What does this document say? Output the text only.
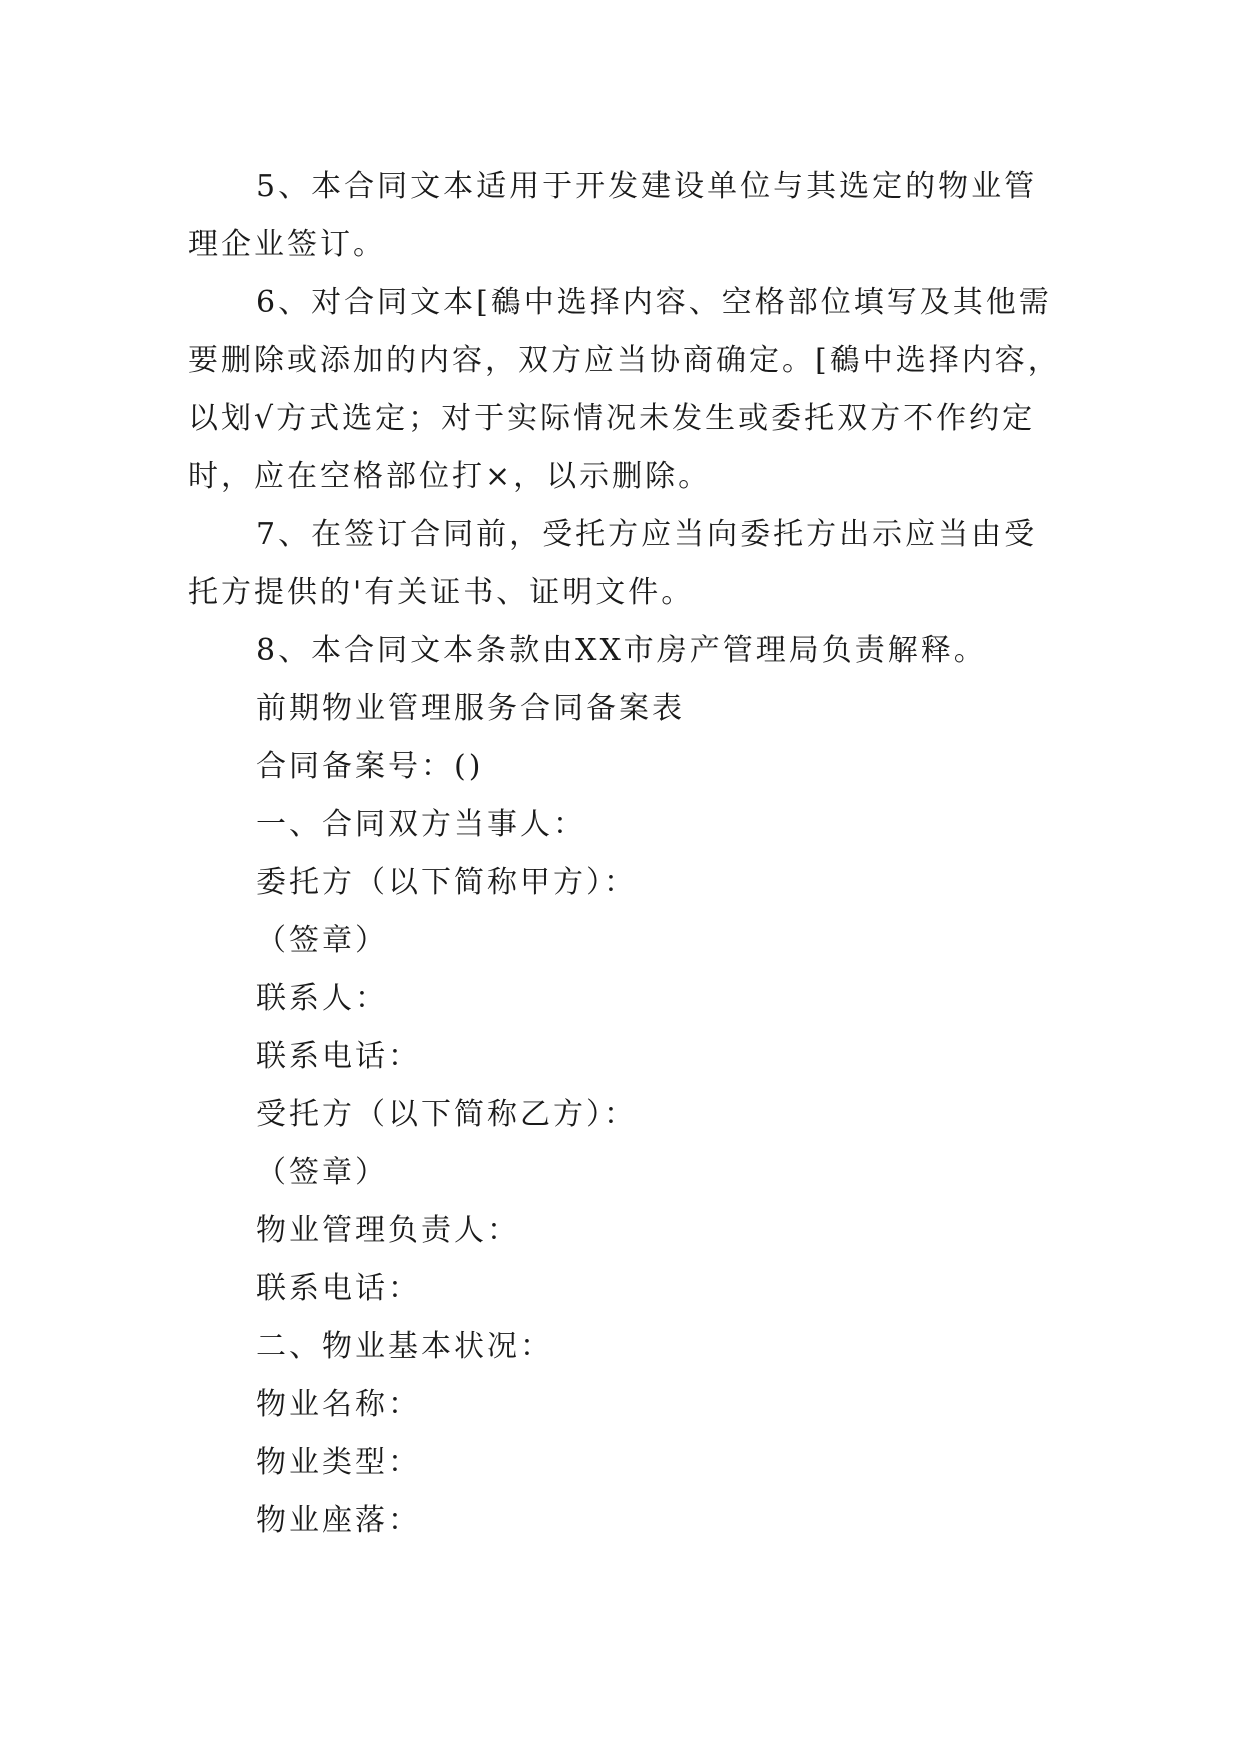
5、本合同文本适用于开发建设单位与其选定的物业管
理企业签订。
6、对合同文本[鵗中选择内容、空格部位填写及其他需
要删除或添加的内容，双方应当协商确定。[鵗中选择内容，
以划√方式选定；对于实际情况未发生或委托双方不作约定
时，应在空格部位打×，以示删除。
7、在签订合同前，受托方应当向委托方出示应当由受
托方提供的'有关证书、证明文件。
8、本合同文本条款由XX市房产管理局负责解释。
前期物业管理服务合同备案表
合同备案号：()
一、合同双方当事人：
委托方（以下简称甲方）：
（签章）
联系人：
联系电话：
受托方（以下简称乙方）：
（签章）
物业管理负责人：
联系电话：
二、物业基本状况：
物业名称：
物业类型：
物业座落：
